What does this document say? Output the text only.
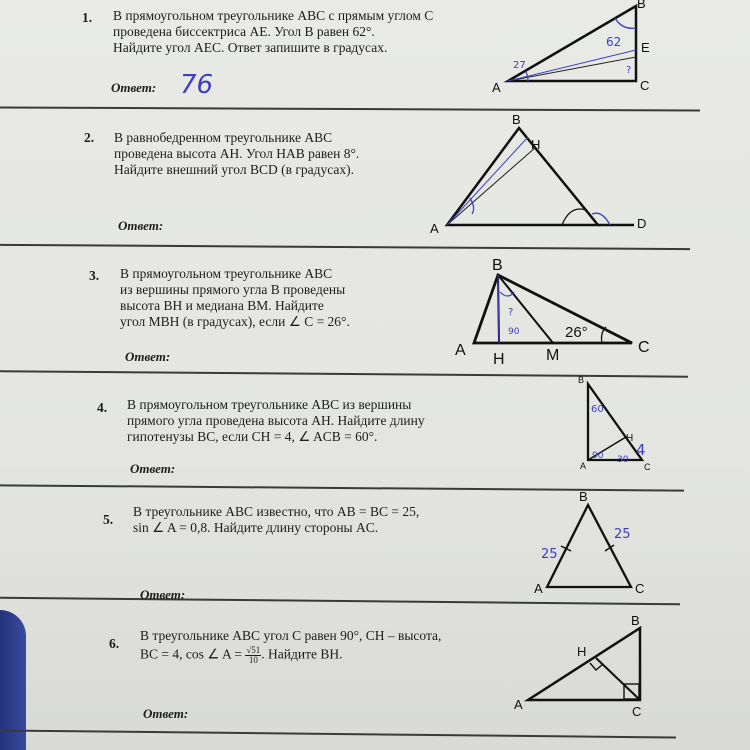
1. В прямоугольном треугольнике ABC с прямым углом C
проведена биссектриса AE. Угол B равен 62°.
Найдите угол AEC. Ответ запишите в градусах.
Ответ: 76
2. В равнобедренном треугольнике ABC
проведена высота AH. Угол HAB равен 8°.
Найдите внешний угол BCD (в градусах).
Ответ:
3. В прямоугольном треугольнике ABC
из вершины прямого угла B проведены
высота BH и медиана BM. Найдите
угол MBH (в градусах), если ∠ C = 26°.
Ответ:
4. В прямоугольном треугольнике ABC из вершины
прямого угла проведена высота AH. Найдите длину
гипотенузы BC, если CH = 4, ∠ ACB = 60°.
Ответ:
5.
В треугольнике ABC известно, что AB = BC = 25,
sin ∠ A = 0,8. Найдите длину стороны AC.
Ответ:
6.
В треугольнике ABC угол C равен 90°, CH – высота,
BC = 4, cos ∠ $A = \frac{√51}{10}$. Найдите BH.
Ответ:
A
B
C
E
62
27	?
B
H
A	D
B
A
H	M	C
26°
?
90
B
H
A	C
4
60
90 30
B
A	C
25
25
B
H
A	C
